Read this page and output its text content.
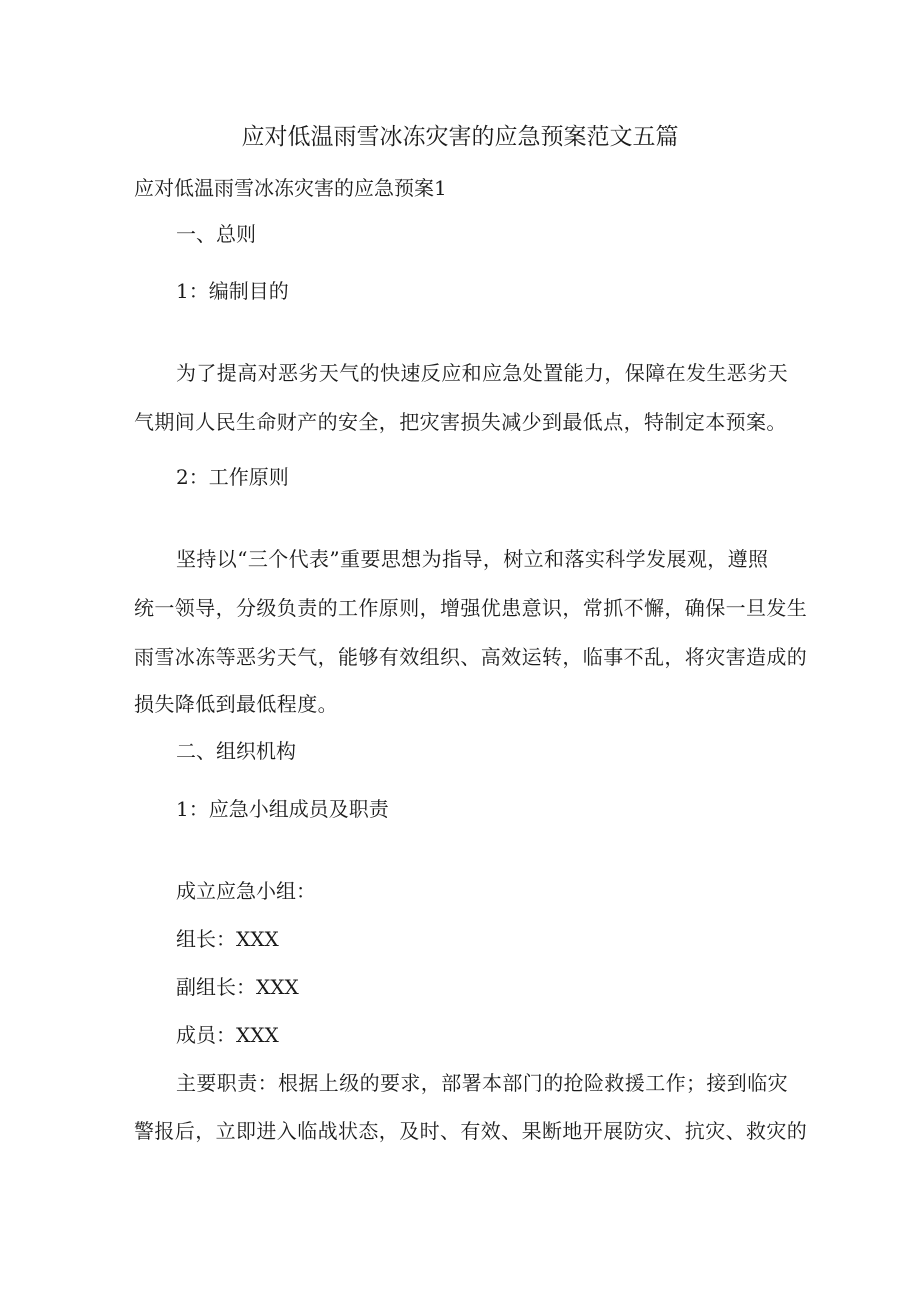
应对低温雨雪冰冻灾害的应急预案范文五篇
应对低温雨雪冰冻灾害的应急预案1
一、总则
1：编制目的
为了提高对恶劣天气的快速反应和应急处置能力，保障在发生恶劣天
气期间人民生命财产的安全，把灾害损失减少到最低点，特制定本预案。
2：工作原则
坚持以“三个代表”重要思想为指导，树立和落实科学发展观，遵照
统一领导，分级负责的工作原则，增强优患意识，常抓不懈，确保一旦发生
雨雪冰冻等恶劣天气，能够有效组织、高效运转，临事不乱，将灾害造成的
损失降低到最低程度。
二、组织机构
1：应急小组成员及职责
成立应急小组：
组长：XXX
副组长：XXX
成员：XXX
主要职责：根据上级的要求，部署本部门的抢险救援工作；接到临灾
警报后，立即进入临战状态，及时、有效、果断地开展防灾、抗灾、救灾的
